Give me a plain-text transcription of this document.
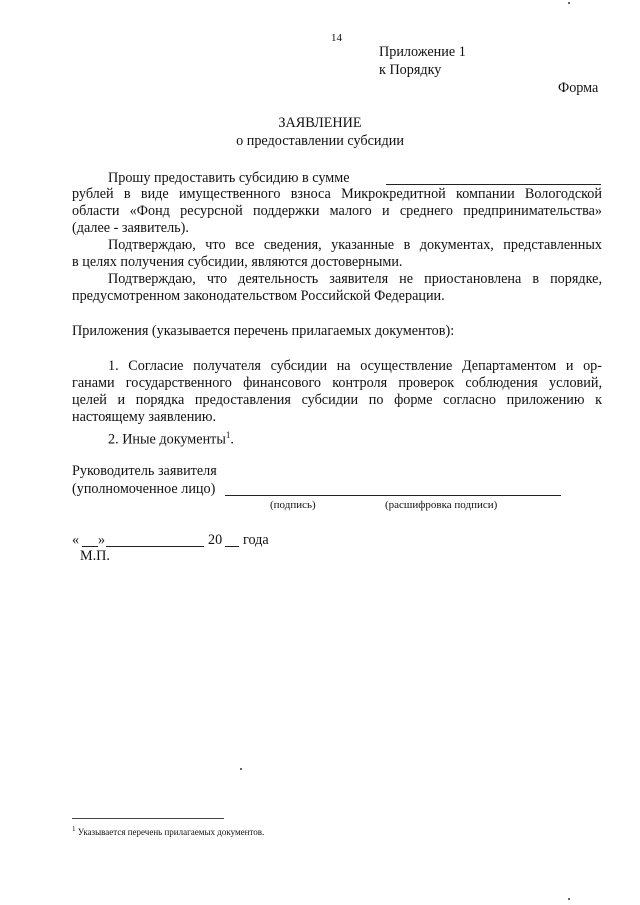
14
Приложение 1
к Порядку
Форма
ЗАЯВЛЕНИЕ
о предоставлении субсидии
Прошу предоставить субсидию в сумме
рублей в виде имущественного взноса Микрокредитной компании Вологодской
области «Фонд ресурсной поддержки малого и среднего предпринимательства»
(далее - заявитель).
Подтверждаю, что все сведения, указанные в документах, представленных
в целях получения субсидии, являются достоверными.
Подтверждаю, что деятельность заявителя не приостановлена в порядке,
предусмотренном законодательством Российской Федерации.
Приложения (указывается перечень прилагаемых документов):
1. Согласие получателя субсидии на осуществление Департаментом и ор-
ганами государственного финансового контроля проверок соблюдения условий,
целей и порядка предоставления субсидии по форме согласно приложению к
настоящему заявлению.
2. Иные документы$^1$.
Руководитель заявителя
(уполномоченное лицо)
(подпись)	(расшифровка подписи)
« »	20 года
М.П.
$^1$ Указывается перечень прилагаемых документов.
